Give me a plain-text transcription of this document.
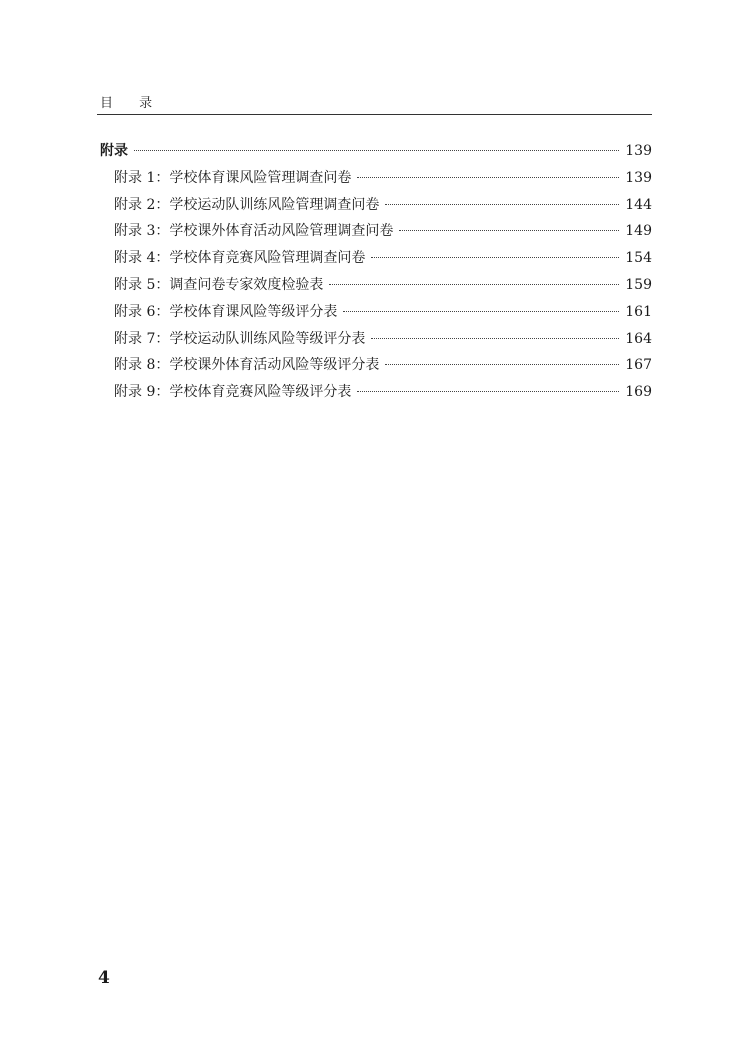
目 录
附录	139
附录 1：学校体育课风险管理调查问卷	139
附录 2：学校运动队训练风险管理调查问卷	144
附录 3：学校课外体育活动风险管理调查问卷	149
附录 4：学校体育竞赛风险管理调查问卷	154
附录 5：调查问卷专家效度检验表	159
附录 6：学校体育课风险等级评分表	161
附录 7：学校运动队训练风险等级评分表	164
附录 8：学校课外体育活动风险等级评分表	167
附录 9：学校体育竞赛风险等级评分表	169
4
